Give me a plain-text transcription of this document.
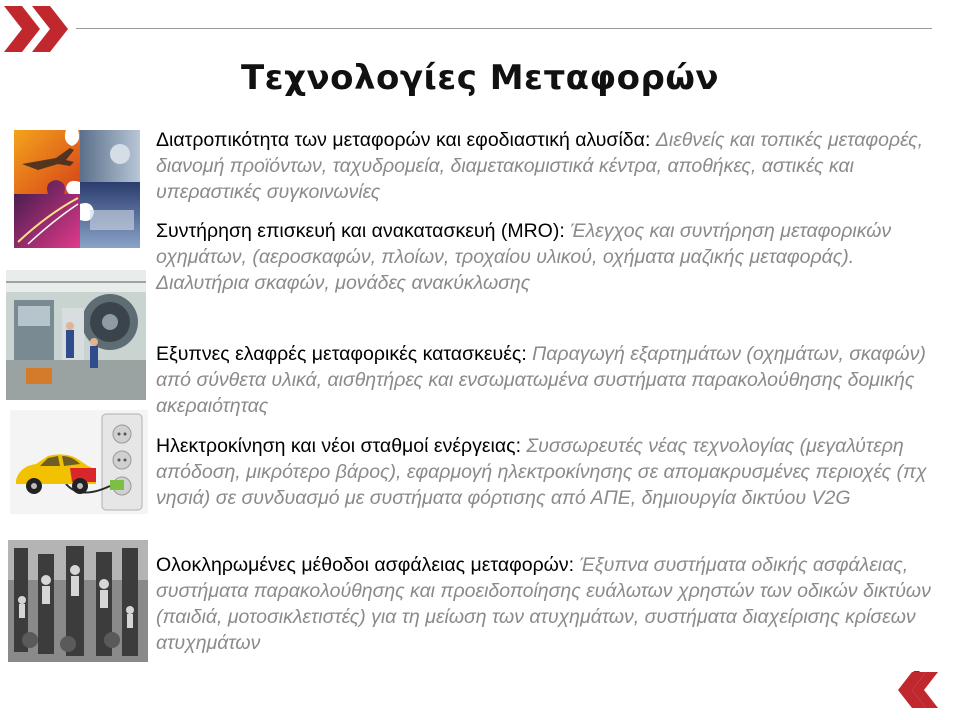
Τεχνολογίες Μεταφορών
Διατροπικότητα των μεταφορών και εφοδιαστική αλυσίδα: Διεθνείς και τοπικές μεταφορές, διανομή προϊόντων, ταχυδρομεία, διαμετακομιστικά κέντρα, αποθήκες, αστικές και υπεραστικές συγκοινωνίες
Συντήρηση επισκευή και ανακατασκευή (MRO): Έλεγχος και συντήρηση μεταφορικών οχημάτων, (αεροσκαφών, πλοίων, τροχαίου υλικού, οχήματα μαζικής μεταφοράς). Διαλυτήρια σκαφών, μονάδες ανακύκλωσης
Εξυπνες ελαφρές μεταφορικές κατασκευές: Παραγωγή εξαρτημάτων (οχημάτων, σκαφών) από σύνθετα υλικά, αισθητήρες και ενσωματωμένα συστήματα παρακολούθησης δομικής ακεραιότητας
Ηλεκτροκίνηση και νέοι σταθμοί ενέργειας: Συσσωρευτές νέας τεχνολογίας (μεγαλύτερη απόδοση, μικρότερο βάρος), εφαρμογή ηλεκτροκίνησης σε απομακρυσμένες περιοχές (πχ νησιά) σε συνδυασμό με συστήματα φόρτισης από ΑΠΕ, δημιουργία δικτύου V2G
Ολοκληρωμένες μέθοδοι ασφάλειας μεταφορών: Έξυπνα συστήματα οδικής ασφάλειας, συστήματα παρακολούθησης και προειδοποίησης ευάλωτων χρηστών των οδικών δικτύων (παιδιά, μοτοσικλετιστές) για τη μείωση των ατυχημάτων, συστήματα διαχείρισης κρίσεων ατυχημάτων
